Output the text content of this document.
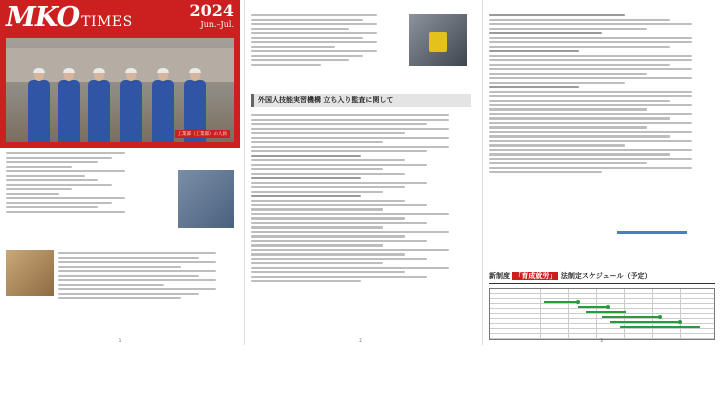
MKO TIMES
2024
Jun.–Jul.
工業部（工業部）の人員
1
外国人技能実習機構 立ち入り監査に関して
2
新制度 「育成就労」 法制定スケジュール（予定）
3
